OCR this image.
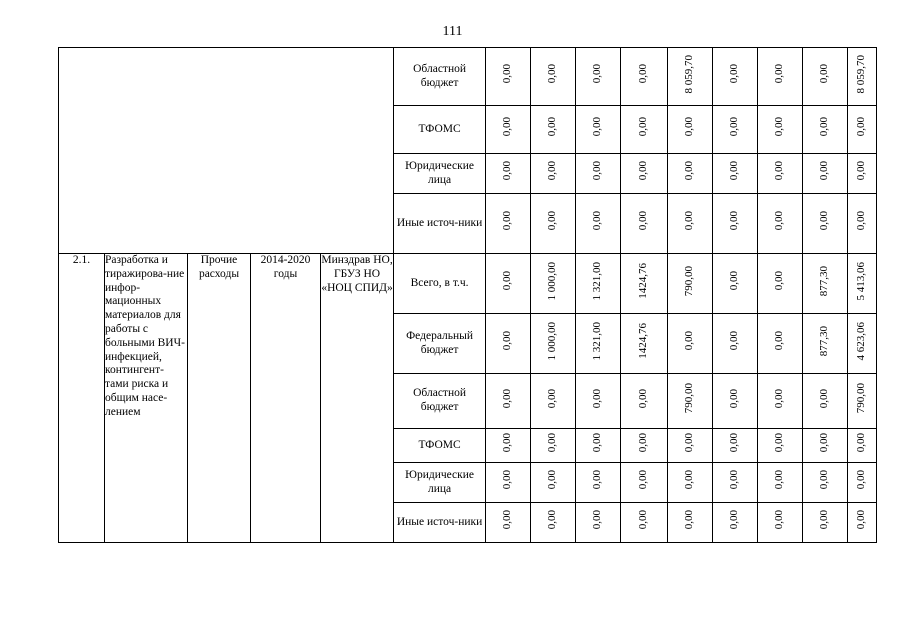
111
					Областной бюджет	0,00	0,00	0,00	0,00	8 059,70	0,00	0,00	0,00	8 059,70	
					ТФОМС	0,00	0,00	0,00	0,00	0,00	0,00	0,00	0,00	0,00	
					Юридические лица	0,00	0,00	0,00	0,00	0,00	0,00	0,00	0,00	0,00	
					Иные источ-ники	0,00	0,00	0,00	0,00	0,00	0,00	0,00	0,00	0,00	
2.1.	Разработка и тиражирова-ние инфор-мационных материалов для работы с больными ВИЧ-инфекцией, контингент-тами риска и общим насе-лением	Прочие расходы	2014-2020 годы	Минздрав НО, ГБУЗ НО «НОЦ СПИД»	Всего, в т.ч.	0,00	1 000,00	1 321,00	1424,76	790,00	0,00	0,00	877,30	5 413,06	
					Федеральный бюджет	0,00	1 000,00	1 321,00	1424,76	0,00	0,00	0,00	877,30	4 623,06	
					Областной бюджет	0,00	0,00	0,00	0,00	790,00	0,00	0,00	0,00	790,00	
					ТФОМС	0,00	0,00	0,00	0,00	0,00	0,00	0,00	0,00	0,00	
					Юридические лица	0,00	0,00	0,00	0,00	0,00	0,00	0,00	0,00	0,00	
					Иные источ-ники	0,00	0,00	0,00	0,00	0,00	0,00	0,00	0,00	0,00	
